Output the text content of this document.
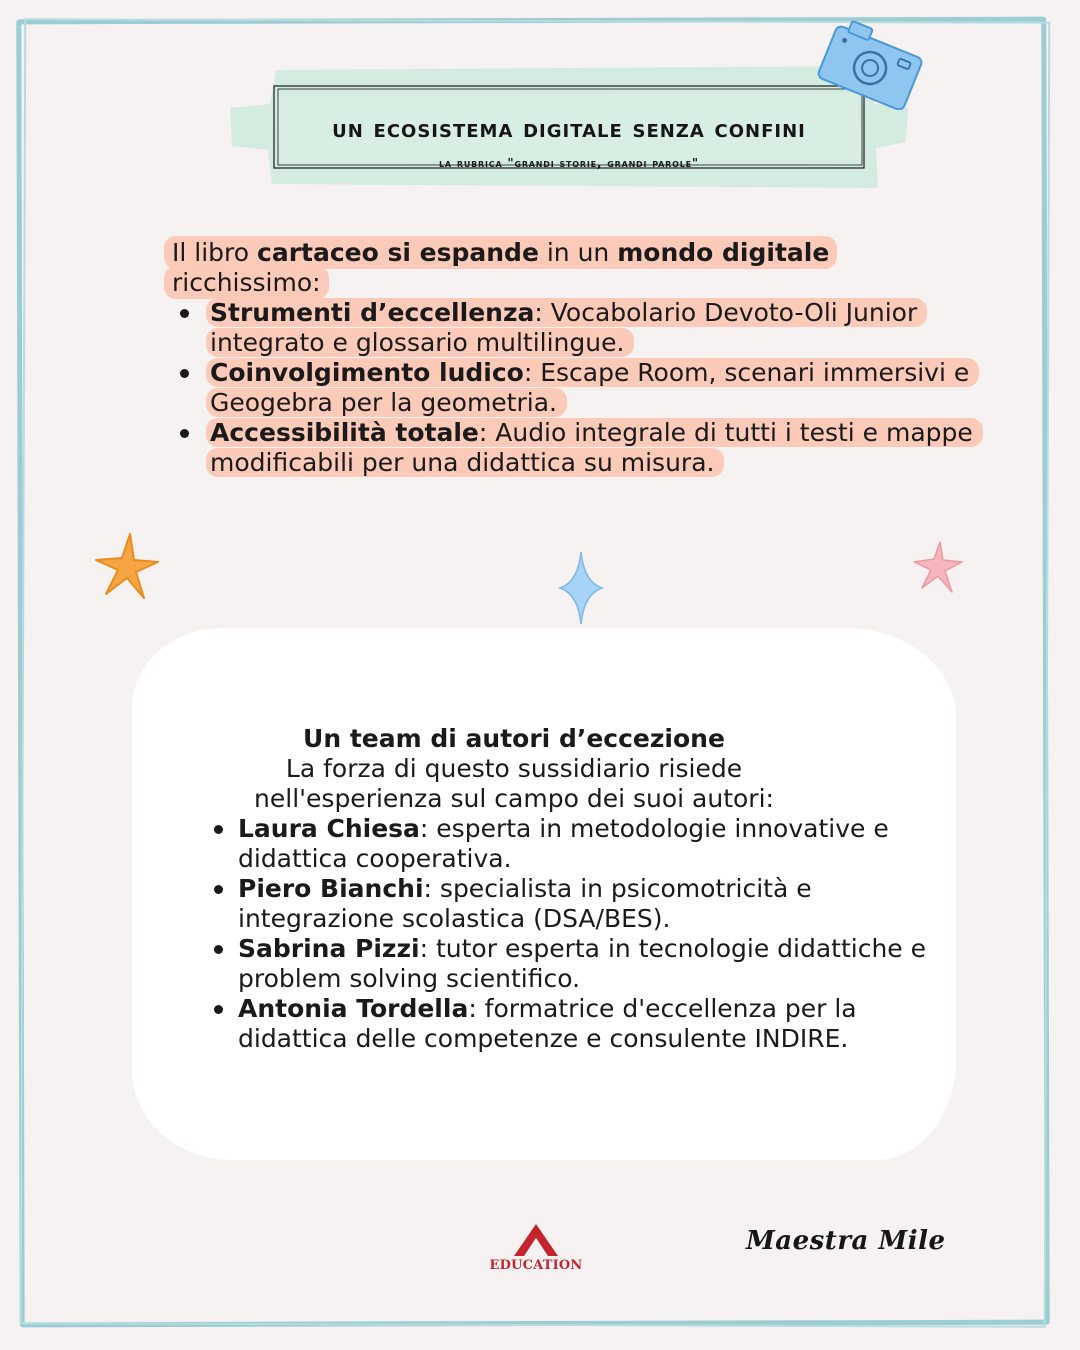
un ecosistema digitale senza confini
la rubrica "grandi storie, grandi parole"
Il libro cartaceo si espande in un mondo digitale ricchissimo:
Strumenti d’eccellenza: Vocabolario Devoto-Oli Junior integrato e glossario multilingue.
Coinvolgimento ludico: Escape Room, scenari immersivi e Geogebra per la geometria.
Accessibilità totale: Audio integrale di tutti i testi e mappe modificabili per una didattica su misura.
Un team di autori d’eccezione

La forza di questo sussidiario risiede nell'esperienza sul campo dei suoi autori:

Laura Chiesa: esperta in metodologie innovative e didattica cooperativa.
Piero Bianchi: specialista in psicomotricità e integrazione scolastica (DSA/BES).
Sabrina Pizzi: tutor esperta in tecnologie didattiche e problem solving scientifico.
Antonia Tordella: formatrice d'eccellenza per la didattica delle competenze e consulente INDIRE.
EDUCATION
Maestra Mile
